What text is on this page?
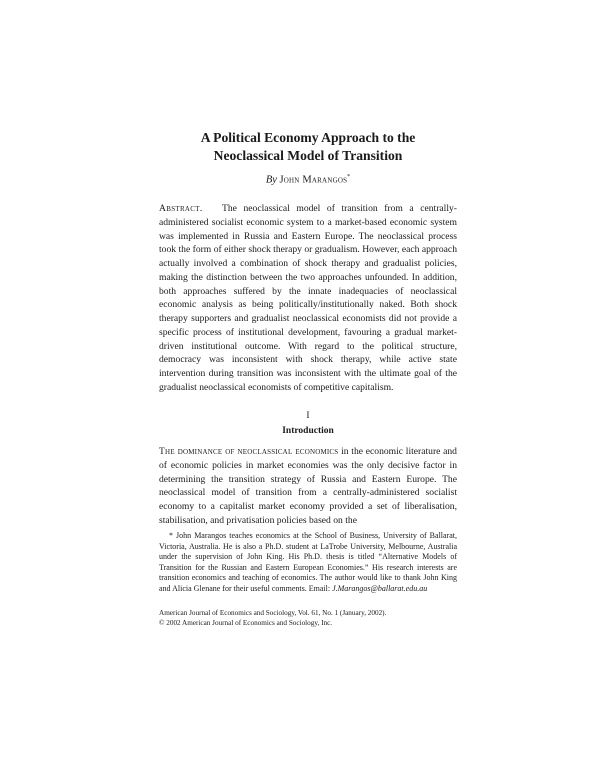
A Political Economy Approach to the
Neoclassical Model of Transition
By John Marangos*
Abstract. The neoclassical model of transition from a centrally-administered socialist economic system to a market-based economic system was implemented in Russia and Eastern Europe. The neoclassical process took the form of either shock therapy or gradualism. However, each approach actually involved a combination of shock therapy and gradualist policies, making the distinction between the two approaches unfounded. In addition, both approaches suffered by the innate inadequacies of neoclassical economic analysis as being politically/institutionally naked. Both shock therapy supporters and gradualist neoclassical economists did not provide a specific process of institutional development, favouring a gradual market-driven institutional outcome. With regard to the political structure, democracy was inconsistent with shock therapy, while active state intervention during transition was inconsistent with the ultimate goal of the gradualist neoclassical economists of competitive capitalism.
I
Introduction
The dominance of neoclassical economics in the economic literature and of economic policies in market economies was the only decisive factor in determining the transition strategy of Russia and Eastern Europe. The neoclassical model of transition from a centrally-administered socialist economy to a capitalist market economy provided a set of liberalisation, stabilisation, and privatisation policies based on the
* John Marangos teaches economics at the School of Business, University of Ballarat, Victoria, Australia. He is also a Ph.D. student at LaTrobe University, Melbourne, Australia under the supervision of John King. His Ph.D. thesis is titled “Alternative Models of Transition for the Russian and Eastern European Economies.” His research interests are transition economics and teaching of economics. The author would like to thank John King and Alicia Glenane for their useful comments. Email: J.Marangos@ballarat.edu.au
American Journal of Economics and Sociology, Vol. 61, No. 1 (January, 2002).
© 2002 American Journal of Economics and Sociology, Inc.
